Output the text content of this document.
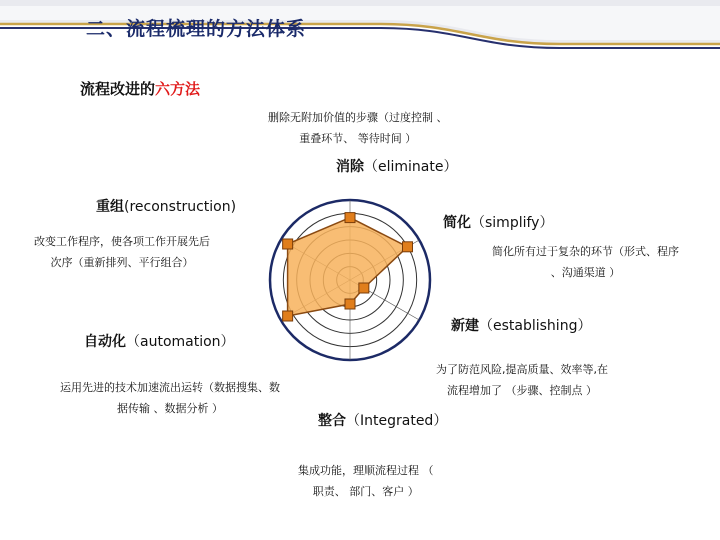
二、流程梳理的方法体系
流程改进的六方法
删除无附加价值的步骤（过度控制 、
重叠环节、 等待时间 ）
消除（eliminate）
简化（simplify）
简化所有过于复杂的环节（形式、程序
、沟通渠道 ）
新建（establishing）
为了防范风险,提高质量、效率等,在
流程增加了 （步骤、控制点 ）
整合（Integrated）
集成功能，理顺流程过程 （
职责、 部门、客户 ）
自动化（automation）
运用先进的技术加速流出运转（数据搜集、数
据传输 、数据分析 ）
重组(reconstruction)
改变工作程序，使各项工作开展先后
次序（重新排列、平行组合）
